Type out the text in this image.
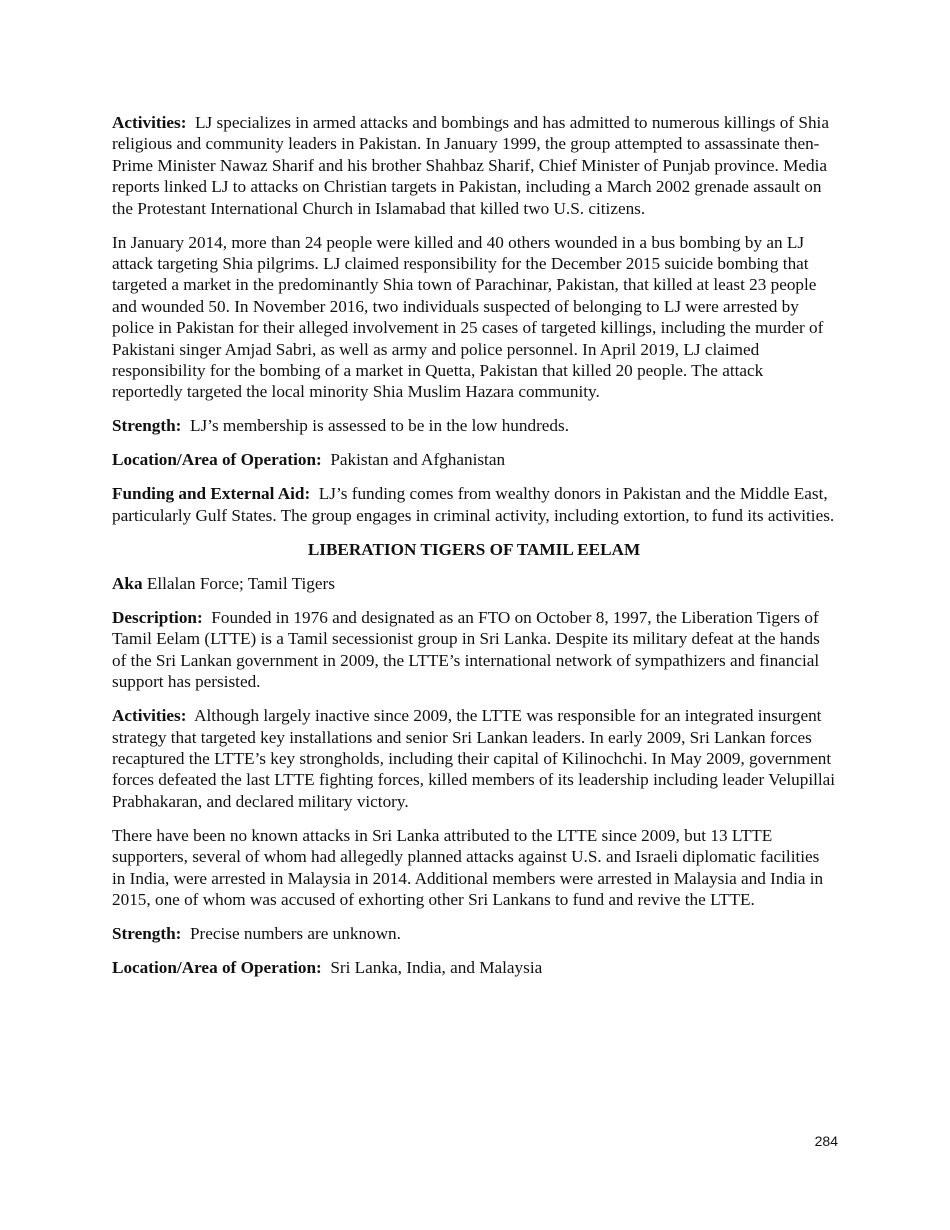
Activities: LJ specializes in armed attacks and bombings and has admitted to numerous killings of Shia religious and community leaders in Pakistan. In January 1999, the group attempted to assassinate then-Prime Minister Nawaz Sharif and his brother Shahbaz Sharif, Chief Minister of Punjab province. Media reports linked LJ to attacks on Christian targets in Pakistan, including a March 2002 grenade assault on the Protestant International Church in Islamabad that killed two U.S. citizens.

In January 2014, more than 24 people were killed and 40 others wounded in a bus bombing by an LJ attack targeting Shia pilgrims. LJ claimed responsibility for the December 2015 suicide bombing that targeted a market in the predominantly Shia town of Parachinar, Pakistan, that killed at least 23 people and wounded 50. In November 2016, two individuals suspected of belonging to LJ were arrested by police in Pakistan for their alleged involvement in 25 cases of targeted killings, including the murder of Pakistani singer Amjad Sabri, as well as army and police personnel. In April 2019, LJ claimed responsibility for the bombing of a market in Quetta, Pakistan that killed 20 people. The attack reportedly targeted the local minority Shia Muslim Hazara community.

Strength: LJ’s membership is assessed to be in the low hundreds.

Location/Area of Operation: Pakistan and Afghanistan

Funding and External Aid: LJ’s funding comes from wealthy donors in Pakistan and the Middle East, particularly Gulf States. The group engages in criminal activity, including extortion, to fund its activities.

LIBERATION TIGERS OF TAMIL EELAM

Aka Ellalan Force; Tamil Tigers

Description: Founded in 1976 and designated as an FTO on October 8, 1997, the Liberation Tigers of Tamil Eelam (LTTE) is a Tamil secessionist group in Sri Lanka. Despite its military defeat at the hands of the Sri Lankan government in 2009, the LTTE’s international network of sympathizers and financial support has persisted.

Activities: Although largely inactive since 2009, the LTTE was responsible for an integrated insurgent strategy that targeted key installations and senior Sri Lankan leaders. In early 2009, Sri Lankan forces recaptured the LTTE’s key strongholds, including their capital of Kilinochchi. In May 2009, government forces defeated the last LTTE fighting forces, killed members of its leadership including leader Velupillai Prabhakaran, and declared military victory.

There have been no known attacks in Sri Lanka attributed to the LTTE since 2009, but 13 LTTE supporters, several of whom had allegedly planned attacks against U.S. and Israeli diplomatic facilities in India, were arrested in Malaysia in 2014. Additional members were arrested in Malaysia and India in 2015, one of whom was accused of exhorting other Sri Lankans to fund and revive the LTTE.

Strength: Precise numbers are unknown.

Location/Area of Operation: Sri Lanka, India, and Malaysia

284
